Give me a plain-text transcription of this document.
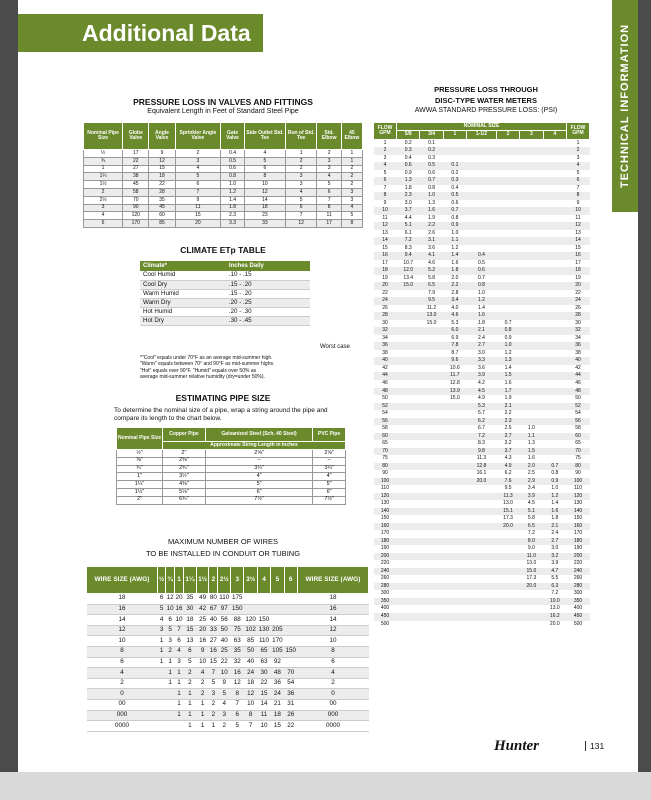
Additional Data	TECHNICAL INFORMATION
PRESSURE LOSS IN VALVES AND FITTINGS
Equivalent Length in Feet of Standard Steel Pipe
Nominal Pipe Size	Globe Valve	Angle Valve	Sprinkler Angle Valve	Gate Valve	Side Outlet Std. Tee	Run of Std. Tee	Std. Elbow	45 Elbow
½	17	9	2	0.4	4	1	2	1
¾	22	12	3	0.5	5	2	3	1
1	27	15	4	0.6	6	2	3	2
1¼	38	18	5	0.8	8	3	4	2
1½	45	22	6	1.0	10	3	5	2
2	58	28	7	1.2	12	4	6	3
2½	70	35	9	1.4	14	5	7	3
3	90	45	11	1.8	18	6	8	4
4	120	60	15	2.3	23	7	11	5
6	170	85	20	3.3	33	12	17	8
CLIMATE ETp TABLE
Climate*	Inches Daily
Cool Humid	.10 - .15
Cool Dry	.15 - .20
Warm Humid	.15 - .20
Warm Dry	.20 - .25
Hot Humid	.20 - .30
Hot Dry	.30 - .45
Worst case
*"Cool" equals under 70°F as an average mid-summer high.
"Warm" equals between 70° and 90°F as mid-summer highs.
"Hot" equals over 90°F. "Humid" equals over 50% as
average mid-summer relative humidity (dry=under 50%).
ESTIMATING PIPE SIZE
To determine the nominal size of a pipe, wrap a string around the pipe and compare its length to the chart below.
Nominal Pipe Size	Copper Pipe	Galvanized Steel (Sch. 40 Steel)	PVC Pipe
	Approximate String Length in Inches		
½"	2"	2⅝"	2⅝"
⅝"	2⅜"	–	–
¾"	2¾"	3¼"	3¼"
1"	3½"	4"	4"
1¼"	4⅜"	5"	5"
1½"	5⅛"	6"	6"
2"	6¾"	7½"	7½"
MAXIMUM NUMBER OF WIRES
TO BE INSTALLED IN CONDUIT OR TUBING
WIRE SIZE (AWG)	½	¾	1	1¼	1½	2	2½	3	3½	4	5	6	WIRE SIZE (AWG)
18	6	12	20	35	49	80	110	175					18
16	5	10	16	30	42	67	97	150					16
14	4	6	10	18	25	40	56	88	120	150			14
12	3	5	7	15	20	33	50	75	102	130	205		12
10	1	3	6	13	16	27	40	63	85	110	170		10
8	1	2	4	6	9	16	25	35	50	65	105	150	8
6	1	1	3	5	10	15	22	32	40	63	92		6
4		1	1	2	4	7	10	16	24	30	48	70	4
2		1	1	2	2	5	9	12	18	22	36	54	2
0			1	1	2	3	5	8	12	15	24	36	0
00			1	1	1	2	4	7	10	14	21	31	00
000			1	1	1	2	3	6	8	11	18	26	000
0000				1	1	1	2	5	7	10	15	22	0000
PRESSURE LOSS THROUGH
DISC-TYPE WATER METERS
AWWA STANDARD PRESSURE LOSS: (PSI)
FLOW GPM	NOMINAL SIZE							FLOW GPM
	5/8	3/4	1	1-1/2	2	3	4	
1	0.2	0.1						1
2	0.3	0.2						2
3	0.4	0.3						3
4	0.6	0.5	0.1					4
5	0.9	0.6	0.2					5
6	1.3	0.7	0.3					6
7	1.8	0.8	0.4					7
8	2.3	1.0	0.5					8
9	3.0	1.3	0.6					9
10	3.7	1.6	0.7					10
11	4.4	1.9	0.8					11
12	5.1	2.2	0.9					12
13	6.1	2.6	1.0					13
14	7.2	3.1	1.1					14
15	8.3	3.6	1.2					15
16	9.4	4.1	1.4	0.4				16
17	10.7	4.6	1.6	0.5				17
18	12.0	5.2	1.8	0.6				18
19	13.4	5.8	2.0	0.7				19
20	15.0	6.5	2.2	0.8				20
22		7.9	2.8	1.0				22
24		9.5	3.4	1.2				24
26		11.2	4.0	1.4				26
28		13.0	4.6	1.6				28
30		15.0	5.3	1.8	0.7			30
32			6.0	2.1	0.8			32
34			6.9	2.4	0.9			34
36			7.8	2.7	1.0			36
38			8.7	3.0	1.2			38
40			9.6	3.3	1.3			40
42			10.6	3.6	1.4			42
44			11.7	3.9	1.5			44
46			12.8	4.2	1.6			46
48			13.9	4.5	1.7			48
50			15.0	4.9	1.9			50
52				5.3	2.1			52
54				5.7	2.2			54
56				6.2	2.3			56
58				6.7	2.5	1.0		58
60				7.2	2.7	1.1		60
65				8.3	3.2	1.3		65
70				9.8	3.7	1.5		70
75				11.3	4.3	1.6		75
80				12.8	4.9	2.0	0.7	80
90				16.1	6.2	2.5	0.8	90
100				20.0	7.6	2.9	0.9	100
110					9.5	3.4	1.0	110
120					11.3	3.9	1.2	120
130					13.0	4.5	1.4	130
140					15.1	5.1	1.6	140
150					17.3	5.8	1.8	150
160					20.0	6.5	2.1	160
170						7.2	2.4	170
180						8.0	2.7	180
190						9.0	3.0	190
200						11.0	3.2	200
220						13.0	3.9	220
240						15.0	4.7	240
260						17.3	5.5	260
280						20.0	6.3	280
300							7.2	300
350							10.0	350
400							13.0	400
450							16.2	450
500							20.0	500
Hunter	131
